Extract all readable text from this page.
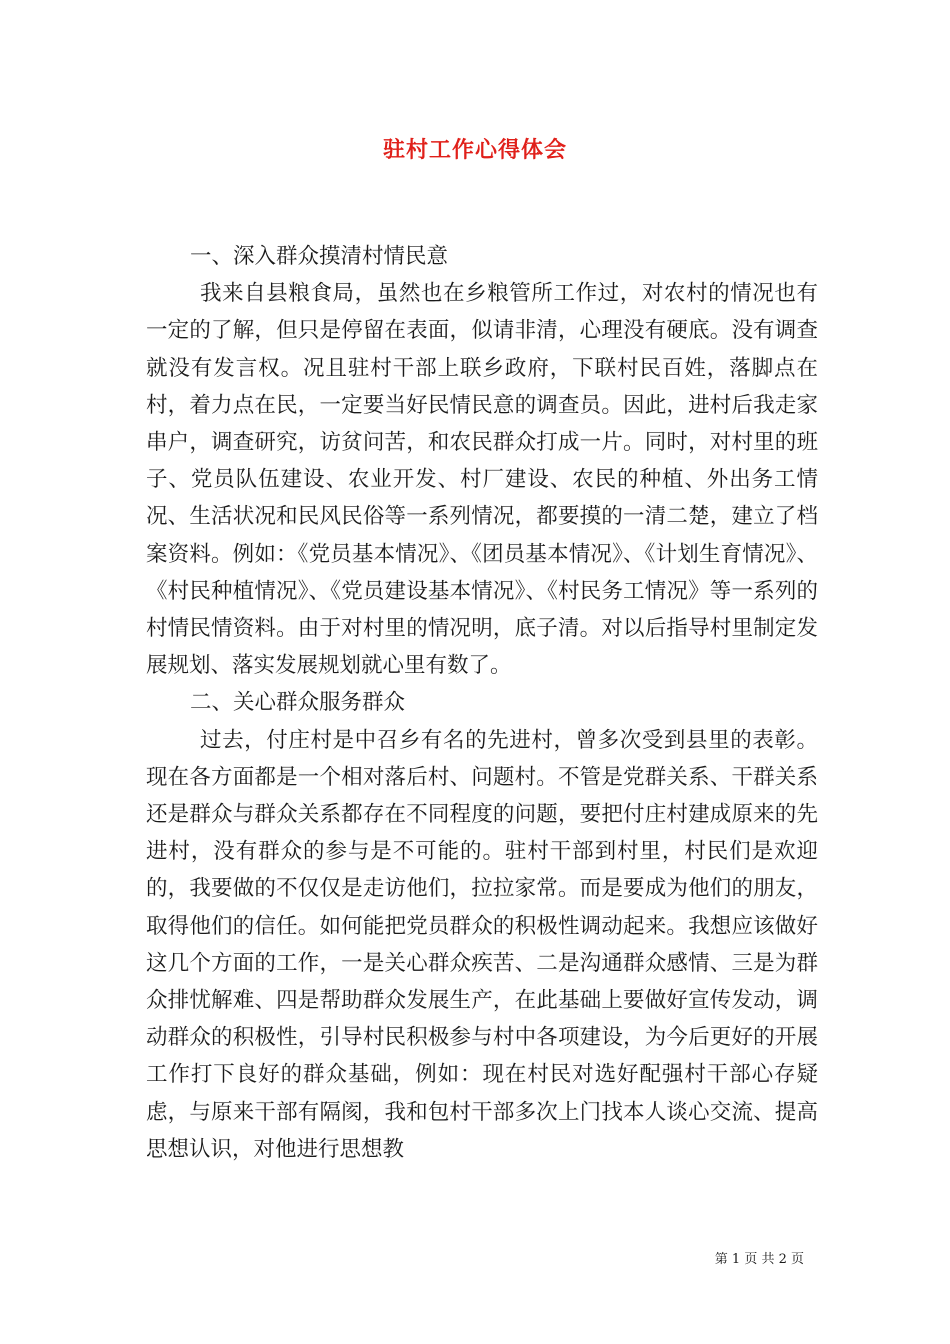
驻村工作心得体会
一、深入群众摸清村情民意

我来自县粮食局，虽然也在乡粮管所工作过，对农村的情况也有一定的了解，但只是停留在表面，似请非清，心理没有硬底。没有调查就没有发言权。况且驻村干部上联乡政府，下联村民百姓，落脚点在村，着力点在民，一定要当好民情民意的调查员。因此，进村后我走家串户，调查研究，访贫问苦，和农民群众打成一片。同时，对村里的班子、党员队伍建设、农业开发、村厂建设、农民的种植、外出务工情况、生活状况和民风民俗等一系列情况，都要摸的一清二楚，建立了档案资料。例如：《党员基本情况》、《团员基本情况》、《计划生育情况》、《村民种植情况》、《党员建设基本情况》、《村民务工情况》等一系列的村情民情资料。由于对村里的情况明，底子清。对以后指导村里制定发展规划、落实发展规划就心里有数了。

二、关心群众服务群众

过去，付庄村是中召乡有名的先进村，曾多次受到县里的表彰。现在各方面都是一个相对落后村、问题村。不管是党群关系、干群关系还是群众与群众关系都存在不同程度的问题，要把付庄村建成原来的先进村，没有群众的参与是不可能的。驻村干部到村里，村民们是欢迎的，我要做的不仅仅是走访他们，拉拉家常。而是要成为他们的朋友，取得他们的信任。如何能把党员群众的积极性调动起来。我想应该做好这几个方面的工作，一是关心群众疾苦、二是沟通群众感情、三是为群众排忧解难、四是帮助群众发展生产，在此基础上要做好宣传发动，调动群众的积极性，引导村民积极参与村中各项建设，为今后更好的开展工作打下良好的群众基础，例如：现在村民对选好配强村干部心存疑虑，与原来干部有隔阂，我和包村干部多次上门找本人谈心交流、提高思想认识，对他进行思想教

第 1 页 共 2 页
